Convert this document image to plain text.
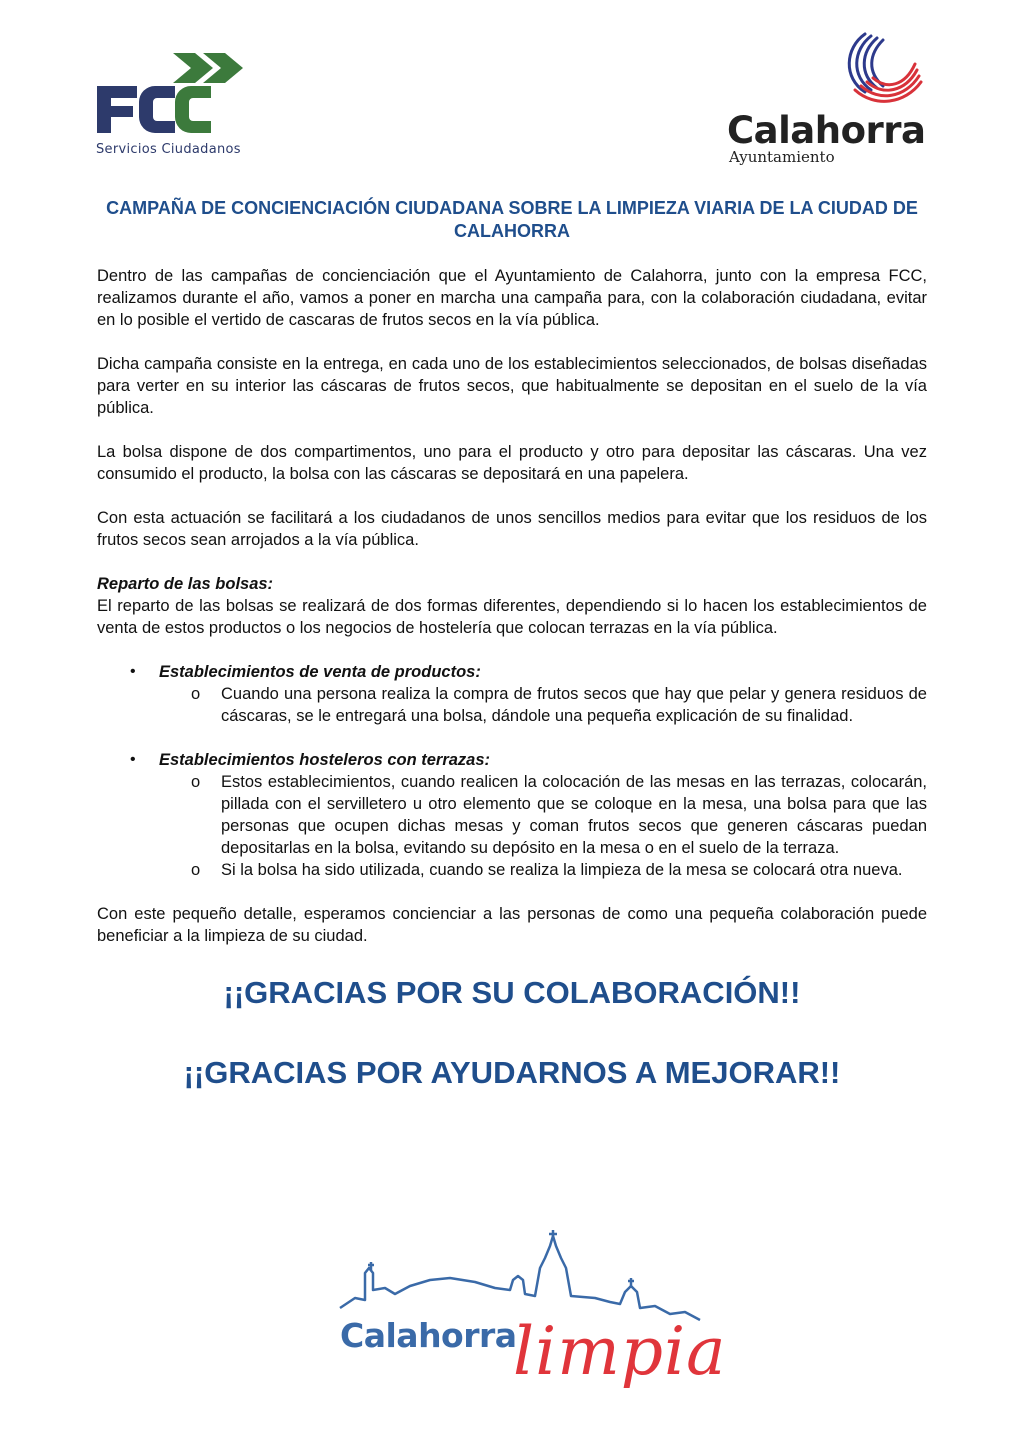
Servicios Ciudadanos	Calahorra
Ayuntamiento
CAMPAÑA DE CONCIENCIACIÓN CIUDADANA SOBRE LA LIMPIEZA VIARIA DE LA CIUDAD DE CALAHORRA

Dentro de las campañas de concienciación que el Ayuntamiento de Calahorra, junto con la empresa FCC, realizamos durante el año, vamos a poner en marcha una campaña para, con la colaboración ciudadana, evitar en lo posible el vertido de cascaras de frutos secos en la vía pública.

Dicha campaña consiste en la entrega, en cada uno de los establecimientos seleccionados, de bolsas diseñadas para verter en su interior las cáscaras de frutos secos, que habitualmente se depositan en el suelo de la vía pública.

La bolsa dispone de dos compartimentos, uno para el producto y otro para depositar las cáscaras. Una vez consumido el producto, la bolsa con las cáscaras se depositará en una papelera.

Con esta actuación se facilitará a los ciudadanos de unos sencillos medios para evitar que los residuos de los frutos secos sean arrojados a la vía pública.

Reparto de las bolsas:

El reparto de las bolsas se realizará de dos formas diferentes, dependiendo si lo hacen los establecimientos de venta de estos productos o los negocios de hostelería que colocan terrazas en la vía pública.

• Establecimientos de venta de productos:
o Cuando una persona realiza la compra de frutos secos que hay que pelar y genera residuos de cáscaras, se le entregará una bolsa, dándole una pequeña explicación de su finalidad.
• Establecimientos hosteleros con terrazas:
o Estos establecimientos, cuando realicen la colocación de las mesas en las terrazas, colocarán, pillada con el servilletero u otro elemento que se coloque en la mesa, una bolsa para que las personas que ocupen dichas mesas y coman frutos secos que generen cáscaras puedan depositarlas en la bolsa, evitando su depósito en la mesa o en el suelo de la terraza.
o Si la bolsa ha sido utilizada, cuando se realiza la limpieza de la mesa se colocará otra nueva.

Con este pequeño detalle, esperamos concienciar a las personas de como una pequeña colaboración puede beneficiar a la limpieza de su ciudad.

¡¡GRACIAS POR SU COLABORACIÓN!!

¡¡GRACIAS POR AYUDARNOS A MEJORAR!!

Calahorra
limpia
